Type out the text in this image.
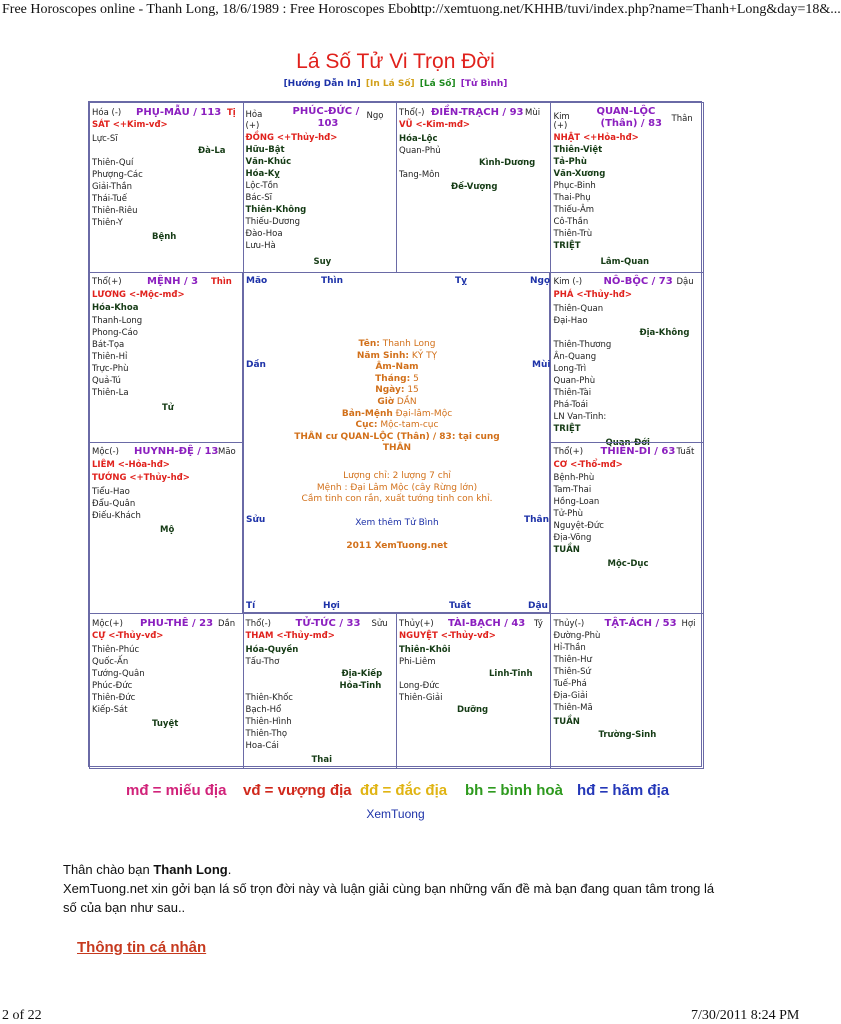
Free Horoscopes online - Thanh Long, 18/6/1989 : Free Horoscopes Eboo...
http://xemtuong.net/KHHB/tuvi/index.php?name=Thanh+Long&day=18&...
Lá Số Tử Vi Trọn Đời
[Hướng Dẫn In] [In Lá Số] [Lá Số] [Tử Bình]
Hóa (-) PHỤ-MẪU / 113 Tị
SÁT <+Kim-vđ>
Lực-Sĩ
Đà-La
Thiên-Quí
Phượng-Các
Giải-Thần
Thái-Tuế
Thiên-Riêu
Thiên-Y
Bệnh
Hỏa	PHÚC-ĐỨC / Ngọ
(+)	103
ĐỒNG <+Thủy-hđ>
Hữu-Bật
Văn-Khúc
Hóa-Kỵ
Lộc-Tồn
Bác-Sĩ
Thiên-Không
Thiếu-Dương
Đào-Hoa
Lưu-Hà
Suy
Thổ(-) ĐIỀN-TRẠCH / 93 Mùi
VŨ <-Kim-mđ>
Hóa-Lộc
Quan-Phủ
Kình-Dương
Tang-Môn
Đế-Vượng
Kim	QUAN-LỘC
Thân
(+)	(Thân) / 83
NHẬT <+Hỏa-hđ>
Thiên-Việt
Tả-Phù
Văn-Xương
Phục-Binh
Thai-Phụ
Thiếu-Âm
Cô-Thần
Thiên-Trù
TRIỆT
Lâm-Quan
Thổ(+)	MỆNH / 3 Thìn
LƯƠNG <-Mộc-mđ>
Hóa-Khoa
Thanh-Long
Phong-Cáo
Bát-Tọa
Thiên-Hỉ
Trực-Phù
Quả-Tú
Thiên-La
Tử
Kim (-) NÔ-BỘC / 73 Dậu
PHÁ <-Thủy-hđ>
Thiên-Quan
Đại-Hao
Địa-Không
Thiên-Thương
Ân-Quang
Long-Trì
Quan-Phù
Thiên-Tài
Phá-Toái
LN Van-Tinh:
TRIỆT
Quan-Đới
Mộc(-) HUYNH-ĐỆ / 13 Mão
LIÊM <-Hỏa-hđ>
TƯỚNG <+Thủy-hđ>
Tiểu-Hao
Đẩu-Quân
Điếu-Khách
Mộ
Thổ(+) THIÊN-DI / 63 Tuất
CƠ <-Thổ-mđ>
Bệnh-Phù
Tam-Thai
Hồng-Loan
Tử-Phù
Nguyệt-Đức
Địa-Võng
TUẦN
Mộc-Dục
Mộc(+) PHU-THÊ / 23 Dần
CỰ <-Thủy-vđ>
Thiên-Phúc
Quốc-Ấn
Tướng-Quân
Phúc-Đức
Thiên-Đức
Kiếp-Sát
Tuyệt
Thổ(-) TỬ-TỨC / 33 Sửu
THAM <-Thủy-mđ>
Hóa-Quyền
Tấu-Thơ
Địa-Kiếp
Hỏa-Tinh
Thiên-Khốc
Bạch-Hổ
Thiên-Hình
Thiên-Thọ
Hoa-Cái
Thai
Thủy(+) TÀI-BẠCH / 43 Tý
NGUYỆT <-Thủy-vđ>
Thiên-Khôi
Phi-Liêm
Linh-Tinh
Long-Đức
Thiên-Giải
Dưỡng
Thủy(-) TẬT-ÁCH / 53 Hợi
Đường-Phù
Hỉ-Thần
Thiên-Hư
Thiên-Sứ
Tuế-Phá
Địa-Giải
Thiên-Mã
TUẦN
Trường-Sinh
Mão	Thìn	Tỵ	Ngọ
Dần	Mùi
Sửu	Thân
Tí	Hợi	Tuất	Dậu
Tên: Thanh Long
Năm Sinh: KỶ TỴ
Âm-Nam
Tháng: 5
Ngày: 15
Giờ DẦN
Bản-Mệnh Đại-lâm-Mộc
Cục: Mộc-tam-cục
THÂN cư QUAN-LỘC (Thân) / 83: tại cung
THÂN
Lượng chỉ: 2 lượng 7 chỉ
Mệnh : Đại Lâm Mộc (cây Rừng lớn)
Cầm tinh con rắn, xuất tướng tinh con khỉ.
Xem thêm Tử Bình
2011 XemTuong.net
mđ = miếu địa vđ = vượng địa đđ = đắc địa bh = bình hoà hđ = hãm địa
XemTuong
Thân chào bạn Thanh Long.
XemTuong.net xin gởi bạn lá số trọn đời này và luận giải cùng bạn những vấn đề mà bạn đang quan tâm trong lá
số của bạn như sau..
Thông tin cá nhân
2 of 22	7/30/2011 8:24 PM
